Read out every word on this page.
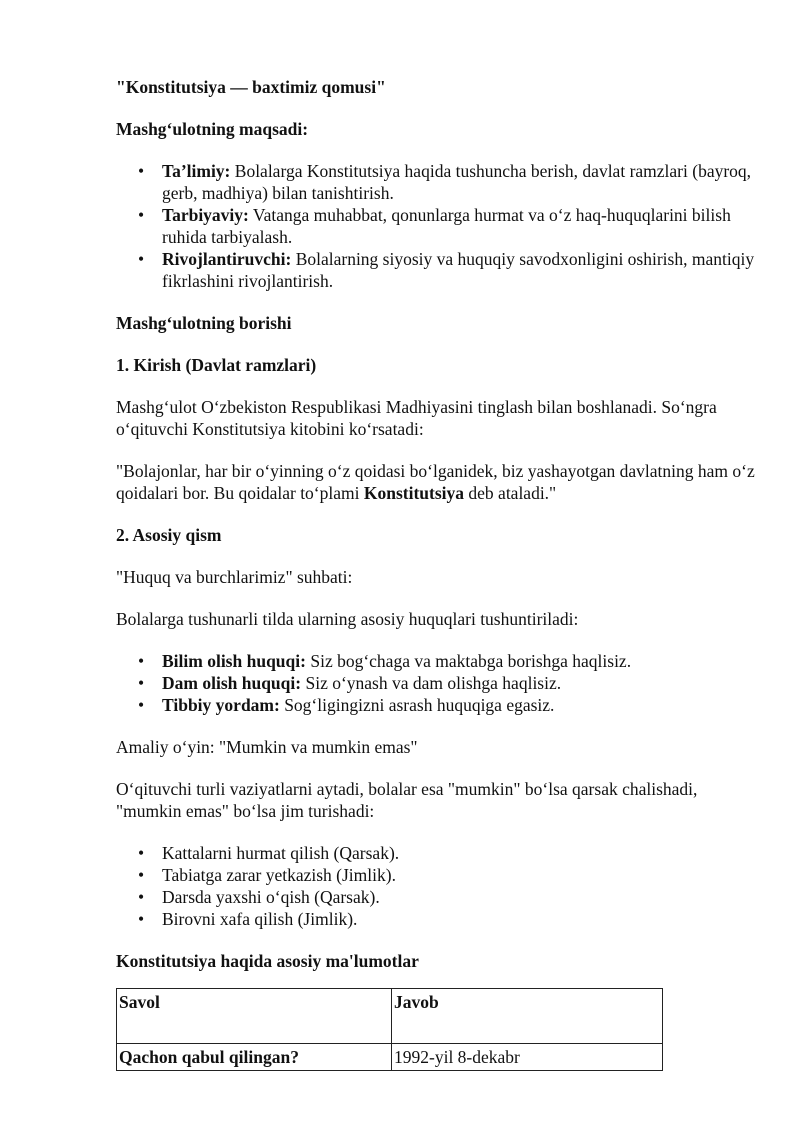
"Konstitutsiya — baxtimiz qomusi"

Mashg‘ulotning maqsadi:

• Ta’limiy: Bolalarga Konstitutsiya haqida tushuncha berish, davlat ramzlari (bayroq, gerb, madhiya) bilan tanishtirish.
• Tarbiyaviy: Vatanga muhabbat, qonunlarga hurmat va o‘z haq-huquqlarini bilish ruhida tarbiyalash.
• Rivojlantiruvchi: Bolalarning siyosiy va huquqiy savodxonligini oshirish, mantiqiy fikrlashini rivojlantirish.

Mashg‘ulotning borishi

1. Kirish (Davlat ramzlari)

Mashg‘ulot O‘zbekiston Respublikasi Madhiyasini tinglash bilan boshlanadi. So‘ngra o‘qituvchi Konstitutsiya kitobini ko‘rsatadi:

"Bolajonlar, har bir o‘yinning o‘z qoidasi bo‘lganidek, biz yashayotgan davlatning ham o‘z qoidalari bor. Bu qoidalar to‘plami Konstitutsiya deb ataladi."

2. Asosiy qism

"Huquq va burchlarimiz" suhbati:

Bolalarga tushunarli tilda ularning asosiy huquqlari tushuntiriladi:

• Bilim olish huquqi: Siz bog‘chaga va maktabga borishga haqlisiz.
• Dam olish huquqi: Siz o‘ynash va dam olishga haqlisiz.
• Tibbiy yordam: Sog‘ligingizni asrash huquqiga egasiz.

Amaliy o‘yin: "Mumkin va mumkin emas"

O‘qituvchi turli vaziyatlarni aytadi, bolalar esa "mumkin" bo‘lsa qarsak chalishadi, "mumkin emas" bo‘lsa jim turishadi:

• Kattalarni hurmat qilish (Qarsak).
• Tabiatga zarar yetkazish (Jimlik).
• Darsda yaxshi o‘qish (Qarsak).
• Birovni xafa qilish (Jimlik).

Konstitutsiya haqida asosiy ma'lumotlar

Savol	Javob
Qachon qabul qilingan?	1992-yil 8-dekabr
